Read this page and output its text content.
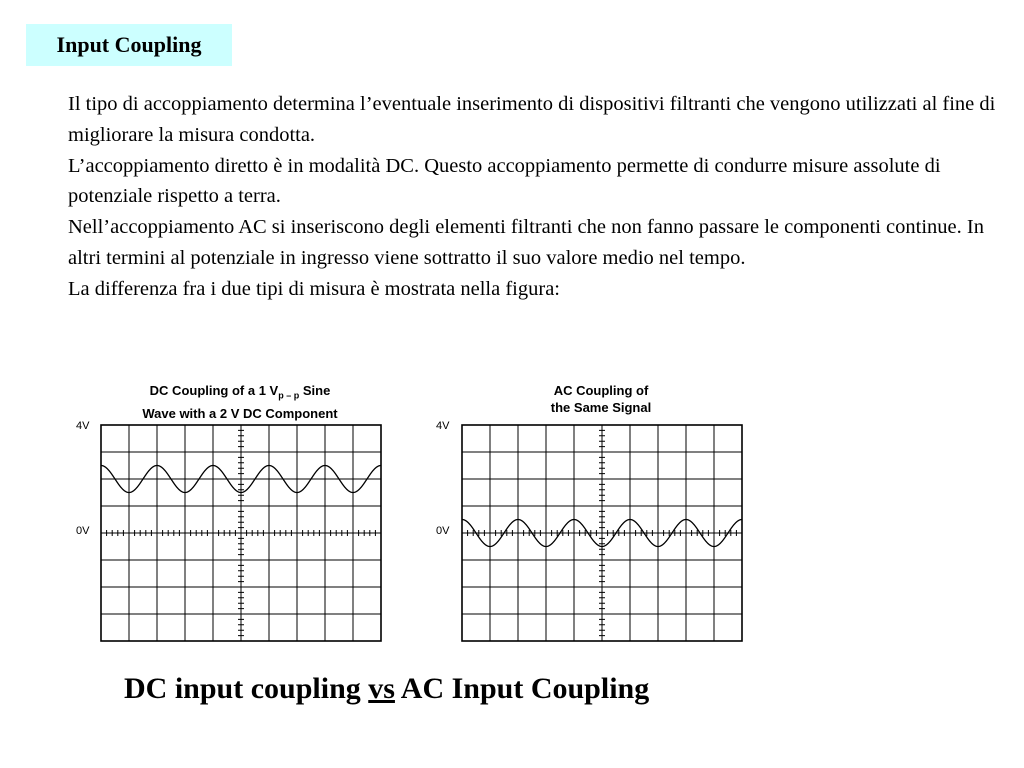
Input Coupling

Il tipo di accoppiamento determina l’eventuale inserimento di dispositivi filtranti che vengono utilizzati al fine di migliorare la misura condotta.

L’accoppiamento diretto è in modalità DC. Questo accoppiamento permette di condurre misure assolute di potenziale rispetto a terra.

Nell’accoppiamento AC si inseriscono degli elementi filtranti che non fanno passare le componenti continue. In altri termini al potenziale in ingresso viene sottratto il suo valore medio nel tempo.

La differenza fra i due tipi di misura è mostrata nella figura:

DC Coupling of a 1 $V_{p - p}$ Sine
Wave with a 2 V DC Component
4V
0V
AC Coupling of
the Same Signal
4V
0V
DC input coupling vs AC Input Coupling
